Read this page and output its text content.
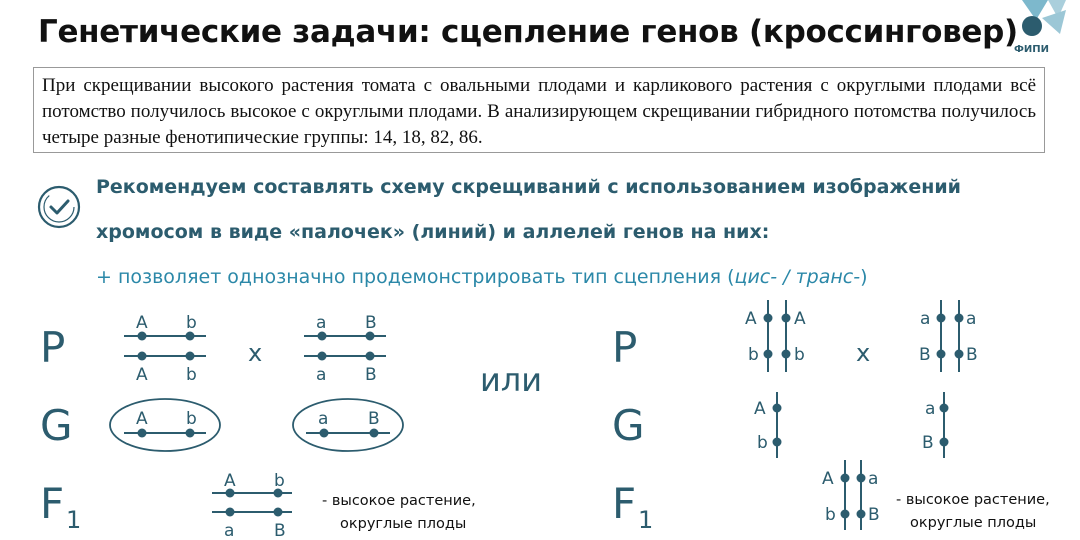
Генетические задачи: сцепление генов (кроссинговер)
ФИПИ
При скрещивании высокого растения томата с овальными плодами и карликового растения с округлыми плодами всё потомство получилось высокое с округлыми плодами. В анализирующем скрещивании гибридного потомства получилось четыре разные фенотипические группы: 14, 18, 82, 86.
Рекомендуем составлять схему скрещиваний с использованием изображений
хромосом в виде «палочек» (линий) и аллелей генов на них:
+ позволяет однозначно продемонстрировать тип сцепления (цис- / транс-)
P
G
F 1
P
G
F 1
или
x	x
A b
A b
a B
a B
A b	a B
A b
a B
A A
b b
a a
B B
A
b
a
B
A a
b B
- высокое растение,
округлые плоды
- высокое растение,
округлые плоды
